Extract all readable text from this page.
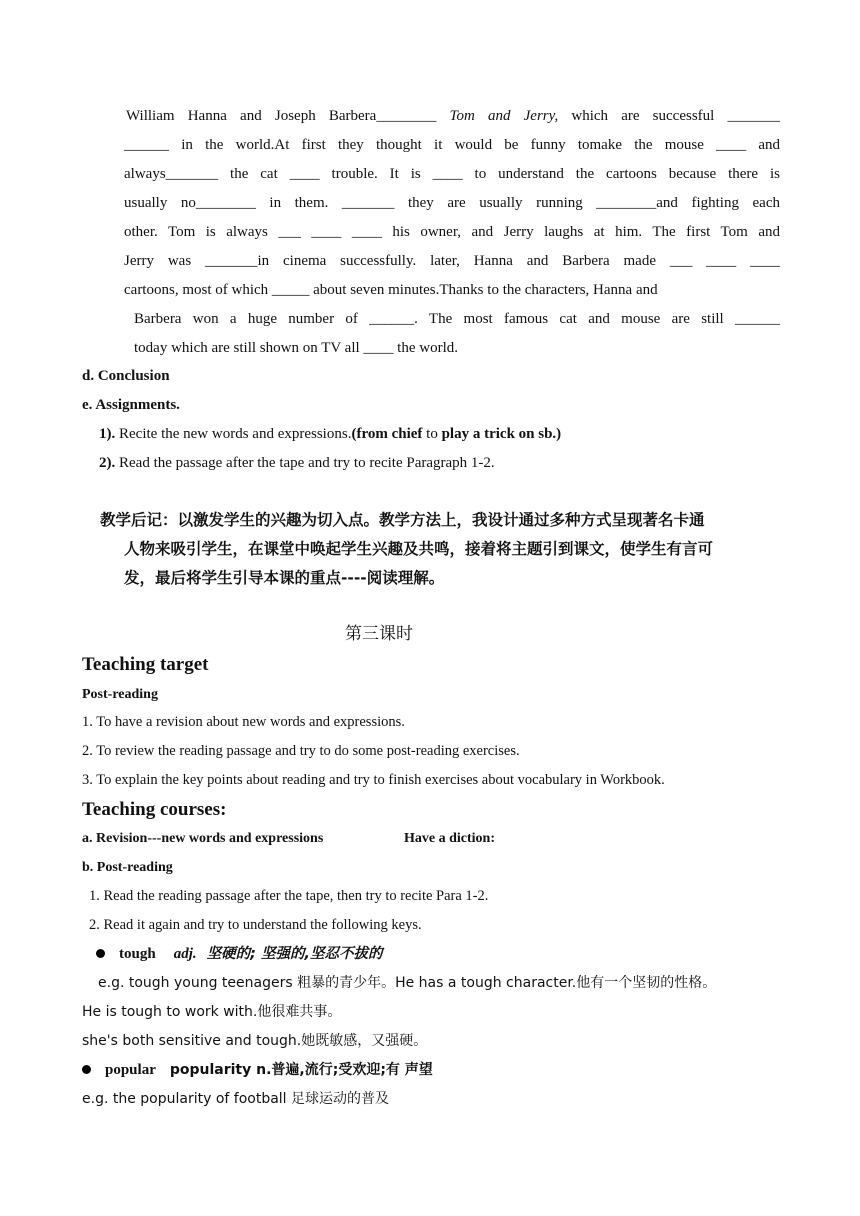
William Hanna and Joseph Barbera________ Tom and Jerry, which are successful _______
______ in the world.At first they thought it would be funny tomake the mouse ____ and
always_______ the cat ____ trouble. It is ____ to understand the cartoons because there is
usually no________ in them. _______ they are usually running ________and fighting each
other. Tom is always ___ ____ ____ his owner, and Jerry laughs at him. The first Tom and
Jerry was _______in cinema successfully. later, Hanna and Barbera made ___ ____ ____
cartoons, most of which _____ about seven minutes.Thanks to the characters, Hanna and
Barbera won a huge number of ______. The most famous cat and mouse are still ______
today which are still shown on TV all ____ the world.
d. Conclusion
e. Assignments.
1). Recite the new words and expressions.(from chief to play a trick on sb.)
2). Read the passage after the tape and try to recite Paragraph 1-2.
教学后记：以激发学生的兴趣为切入点。教学方法上，我设计通过多种方式呈现著名卡通
人物来吸引学生，在课堂中唤起学生兴趣及共鸣，接着将主题引到课文，使学生有言可
发，最后将学生引导本课的重点----阅读理解。
第三课时
Teaching target
Post-reading
1. To have a revision about new words and expressions.
2. To review the reading passage and try to do some post-reading exercises.
3. To explain the key points about reading and try to finish exercises about vocabulary in Workbook.
Teaching courses:
a. Revision---new words and expressions	Have a diction:
b. Post-reading
1. Read the reading passage after the tape, then try to recite Para 1-2.
2. Read it again and try to understand the following keys.
tough adj. 坚硬的; 坚强的,坚忍不拔的
e.g. tough young teenagers 粗暴的青少年。He has a tough character.他有一个坚韧的性格。
He is tough to work with.他很难共事。
she's both sensitive and tough.她既敏感，又强硬。
popular popularity n.普遍,流行;受欢迎;有 声望
e.g. the popularity of football 足球运动的普及
